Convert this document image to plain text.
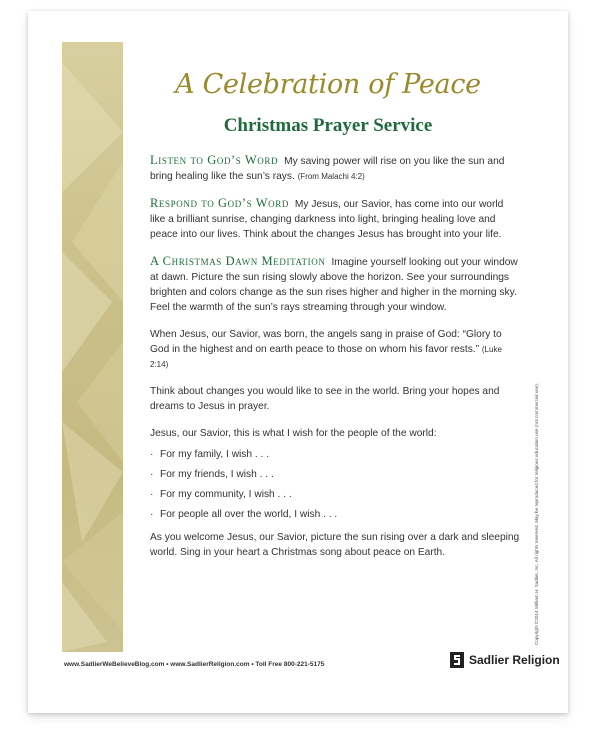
A Celebration of Peace
Christmas Prayer Service

Listen to God’s Word My saving power will rise on you like the sun and bring healing like the sun’s rays. (From Malachi 4:2)

Respond to God’s Word My Jesus, our Savior, has come into our world like a brilliant sunrise, changing darkness into light, bringing healing love and peace into our lives. Think about the changes Jesus has brought into your life.

A Christmas Dawn Meditation Imagine yourself looking out your window at dawn. Picture the sun rising slowly above the horizon. See your surroundings brighten and colors change as the sun rises higher and higher in the morning sky. Feel the warmth of the sun’s rays streaming through your window.

When Jesus, our Savior, was born, the angels sang in praise of God: “Glory to God in the highest and on earth peace to those on whom his favor rests.” (Luke 2:14)

Think about changes you would like to see in the world. Bring your hopes and dreams to Jesus in prayer.

Jesus, our Savior, this is what I wish for the people of the world:

· For my family, I wish . . .
· For my friends, I wish . . .
· For my community, I wish . . .
· For people all over the world, I wish . . .

As you welcome Jesus, our Savior, picture the sun rising over a dark and sleeping world. Sing in your heart a Christmas song about peace on Earth.	Copyright ©2014 William H. Sadlier, Inc. All rights reserved. May be reproduced for religious education use (not commercial use).
www.SadlierWeBelieveBlog.com • www.SadlierReligion.com • Toll Free 800-221-5175	Sadlier Religion
